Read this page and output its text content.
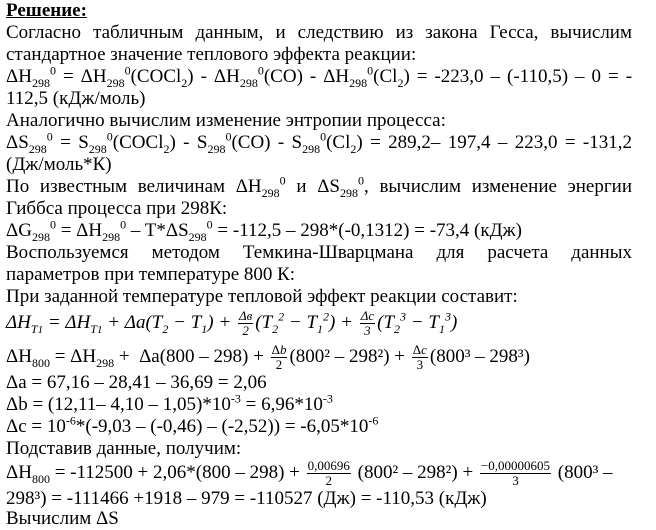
Решение:
Согласно табличным данным, и следствию из закона Гесса, вычислим
стандартное значение теплового эффекта реакции:
$\Delta H_{298}^0$ = $\Delta H_{298}^0(COCl_2) - \Delta H_{298}^0(CO) - \Delta H_{298}^0(Cl_2) = -223,0 - (-110,5) - 0$ = -
112,5 (кДж/моль)
Аналогично вычислим изменение энтропии процесса:
$\Delta S_{298}^0$ = $S_{298}^0(COCl_2) - S_{298}^0(CO) - S_{298}^0(Cl_2) = 289,2-$ 197,4 – 223,0 = -131,2
(Дж/моль*К)
По известным величинам $\Delta H_{298}^0$ и $\Delta S_{298}^0$, вычислим изменение энергии
Гиббса процесса при 298К:
$\Delta G_{298}^0 = \Delta H_{298}^0 - T*\Delta S_{298}^0 = -112,5 - 298*(-0,1312) = -73,4$ (кДж)
Воспользуемся методом Темкина-Шварцмана для расчета данных
параметров при температуре 800 К:
При заданной температуре тепловой эффект реакции составит:
$\Delta H_{T1} = \Delta H_{T1} + \Delta a(T_2 - T_1) + \frac{\Delta в}{2} (T_2^2 - T_1^2) + \frac{\Delta c}{3} (T_2^3 - T_1^3)$
$\Delta H_{800} = \Delta H_{298} + \Delta a(800 - 298) + \frac{\Delta b}{2} (800^2 - 298^2) + \frac{\Delta c}{3} (800^3 - 298^3)$
Δa = 67,16 – 28,41 – 36,69 = 2,06
Δb = (12,11– $4,10 - 1,05)*10^{-3} = 6,96*10^{-3}$
$\Delta c = 10^{-6}*(-9,03 - (-0,46) - (-2,52)) = -6,05*10^{-6}$
Подставив данные, получим:
$\Delta H_{800} = -112500 + 2,06*(800 - 298) + \frac{0,00696}{2} (800^2 - 298^2) + \frac{-0,00000605}{3} (800^3$ –
298³) = -111466 +1918 – 979 = -110527 (Дж) = -110,53 (кДж)
Вычислим ΔS
